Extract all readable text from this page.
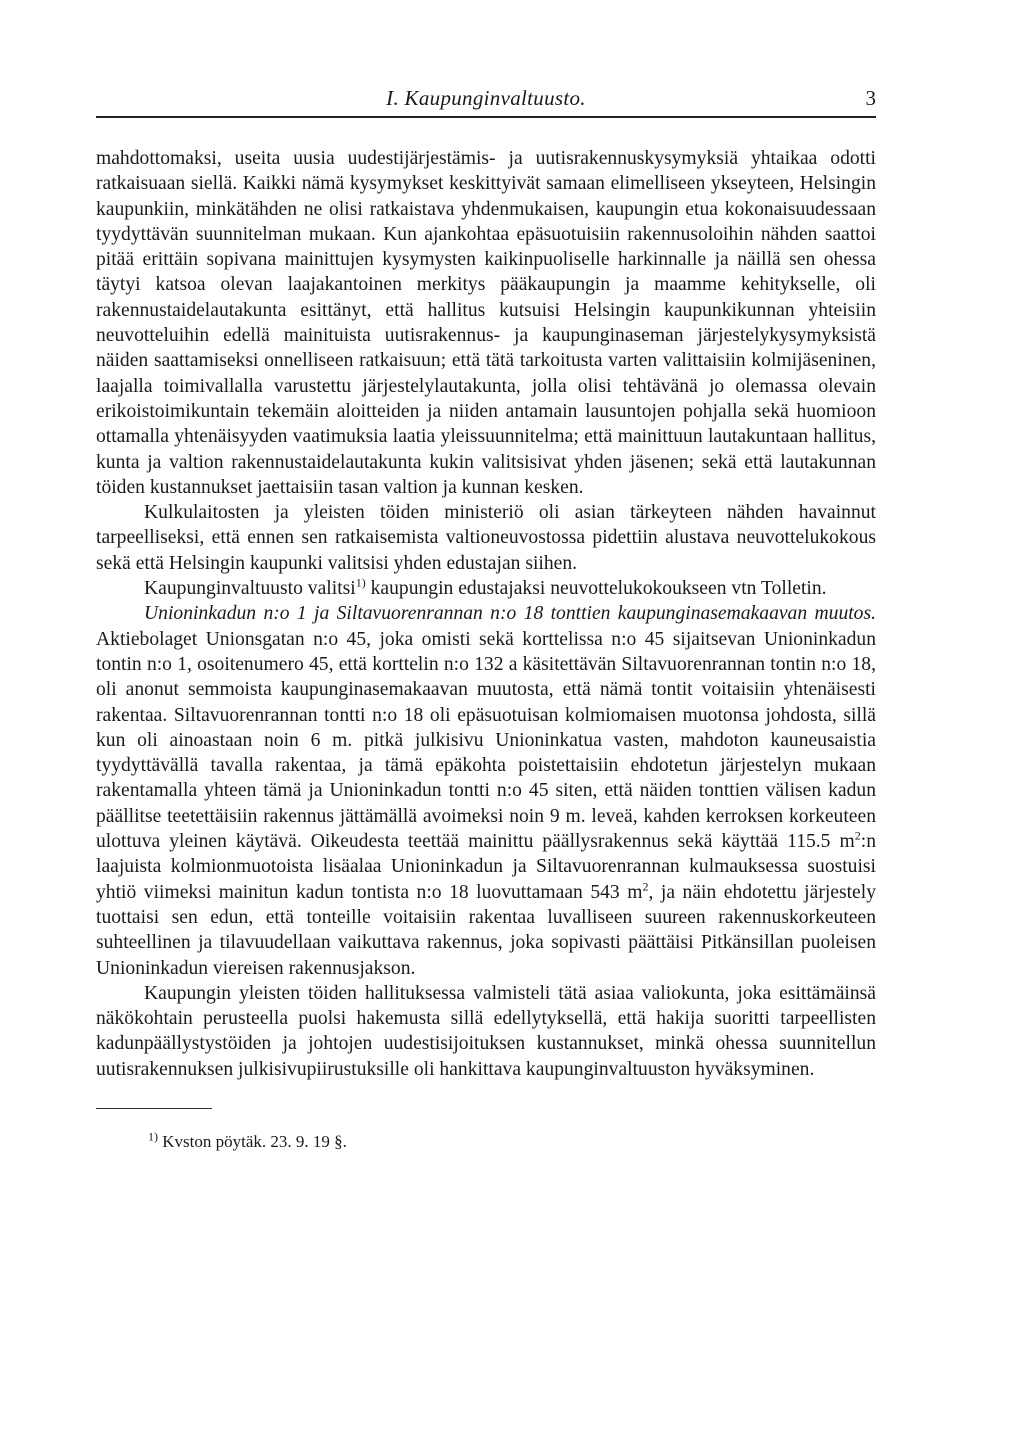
I. Kaupunginvaltuusto.	3

mahdottomaksi, useita uusia uudestijärjestämis- ja uutisrakennuskysymyksiä yhtaikaa odotti ratkaisuaan siellä. Kaikki nämä kysymykset keskittyivät samaan elimelliseen ykseyteen, Helsingin kaupunkiin, minkätähden ne olisi ratkaistava yhdenmukaisen, kaupungin etua kokonaisuudessaan tyydyttävän suunnitelman mukaan. Kun ajankohtaa epäsuotuisiin rakennusoloihin nähden saattoi pitää erittäin sopivana mainittujen kysymysten kaikinpuoliselle harkinnalle ja näillä sen ohessa täytyi katsoa olevan laajakantoinen merkitys pääkaupungin ja maamme kehitykselle, oli rakennustaidelautakunta esittänyt, että hallitus kutsuisi Helsingin kaupunkikunnan yhteisiin neuvotteluihin edellä mainituista uutisrakennus- ja kaupunginaseman järjestelykysymyksistä näiden saattamiseksi onnelliseen ratkaisuun; että tätä tarkoitusta varten valittaisiin kolmijäseninen, laajalla toimivallalla varustettu järjestelylautakunta, jolla olisi tehtävänä jo olemassa olevain erikoistoimikuntain tekemäin aloitteiden ja niiden antamain lausuntojen pohjalla sekä huomioon ottamalla yhtenäisyyden vaatimuksia laatia yleissuunnitelma; että mainittuun lautakuntaan hallitus, kunta ja valtion rakennustaidelautakunta kukin valitsisivat yhden jäsenen; sekä että lautakunnan töiden kustannukset jaettaisiin tasan valtion ja kunnan kesken.

Kulkulaitosten ja yleisten töiden ministeriö oli asian tärkeyteen nähden havainnut tarpeelliseksi, että ennen sen ratkaisemista valtioneuvostossa pidettiin alustava neuvottelukokous sekä että Helsingin kaupunki valitsisi yhden edustajan siihen.

Kaupunginvaltuusto valitsi$^{1)}$ kaupungin edustajaksi neuvottelukokoukseen vtn Tolletin.

Unioninkadun n:o 1 ja Siltavuorenrannan n:o 18 tonttien kaupunginasemakaavan muutos. Aktiebolaget Unionsgatan n:o 45, joka omisti sekä korttelissa n:o 45 sijaitsevan Unioninkadun tontin n:o 1, osoitenumero 45, että korttelin n:o 132 a käsitettävän Siltavuorenrannan tontin n:o 18, oli anonut semmoista kaupunginasemakaavan muutosta, että nämä tontit voitaisiin yhtenäisesti rakentaa. Siltavuorenrannan tontti n:o 18 oli epäsuotuisan kolmiomaisen muotonsa johdosta, sillä kun oli ainoastaan noin 6 m. pitkä julkisivu Unioninkatua vasten, mahdoton kauneusaistia tyydyttävällä tavalla rakentaa, ja tämä epäkohta poistettaisiin ehdotetun järjestelyn mukaan rakentamalla yhteen tämä ja Unioninkadun tontti n:o 45 siten, että näiden tonttien välisen kadun päällitse teetettäisiin rakennus jättämällä avoimeksi noin 9 m. leveä, kahden kerroksen korkeuteen ulottuva yleinen käytävä. Oikeudesta teettää mainittu päällysrakennus sekä käyttää 115.5 $m^2:n$ laajuista kolmionmuotoista lisäalaa Unioninkadun ja Siltavuorenrannan kulmauksessa suostuisi yhtiö viimeksi mainitun kadun tontista n:o 18 luovuttamaan 543 $m^2$, ja näin ehdotettu järjestely tuottaisi sen edun, että tonteille voitaisiin rakentaa luvalliseen suureen rakennuskorkeuteen suhteellinen ja tilavuudellaan vaikuttava rakennus, joka sopivasti päättäisi Pitkänsillan puoleisen Unioninkadun viereisen rakennusjakson.

Kaupungin yleisten töiden hallituksessa valmisteli tätä asiaa valiokunta, joka esittämäinsä näkökohtain perusteella puolsi hakemusta sillä edellytyksellä, että hakija suoritti tarpeellisten kadunpäällystystöiden ja johtojen uudestisijoituksen kustannukset, minkä ohessa suunnitellun uutisrakennuksen julkisivupiirustuksille oli hankittava kaupunginvaltuuston hyväksyminen.

$^{1)}$ Kvston pöytäk. 23. 9. 19 §.
